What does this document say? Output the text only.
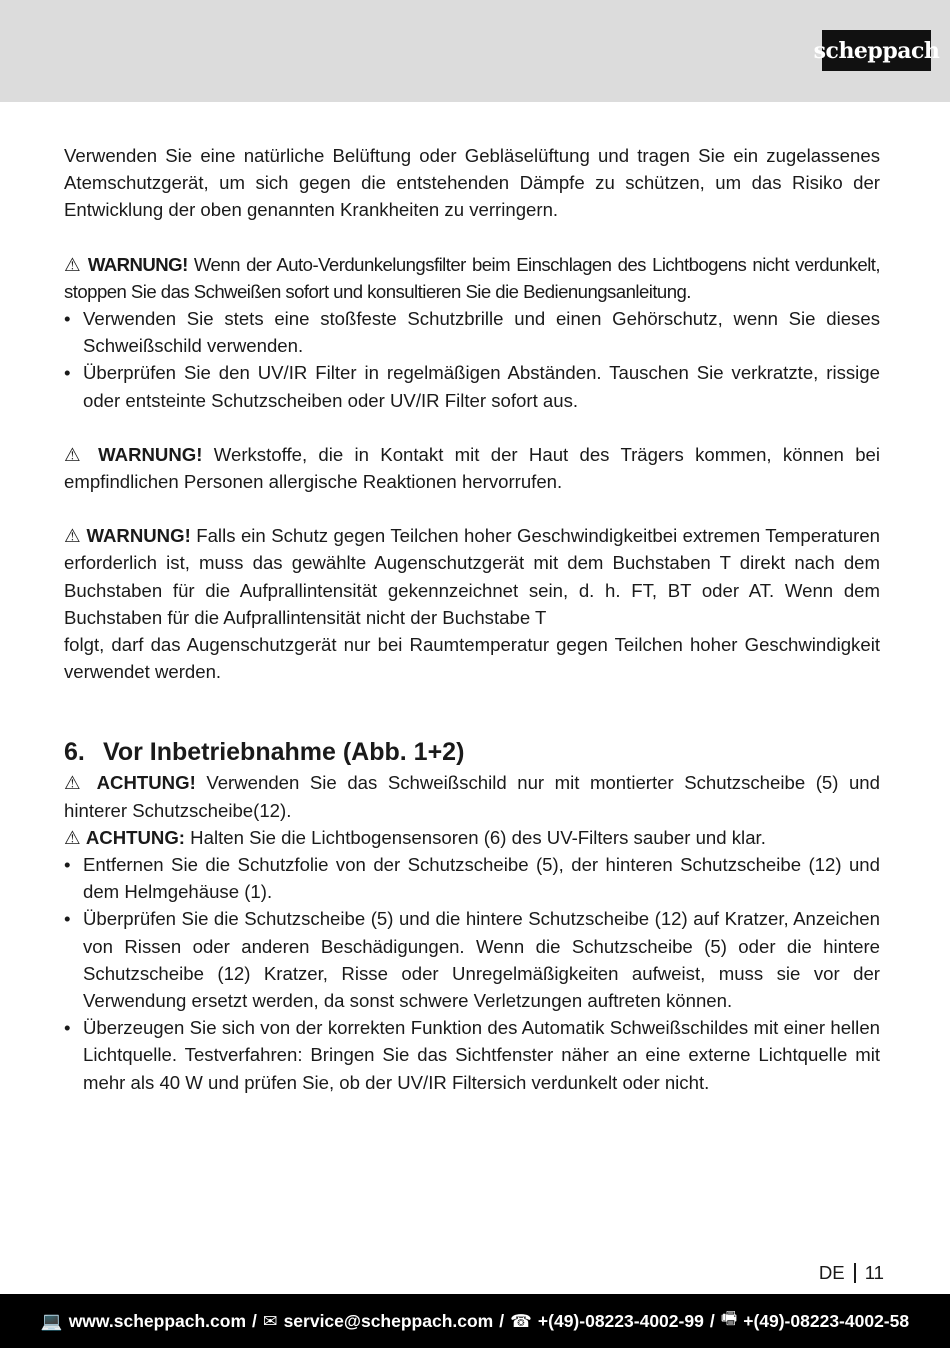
scheppach

Verwenden Sie eine natürliche Belüftung oder Gebläselüftung und tragen Sie ein zugelassenes Atemschutzgerät, um sich gegen die entstehenden Dämpfe zu schützen, um das Risiko der Entwicklung der oben genannten Krankheiten zu verringern.

⚠ WARNUNG! Wenn der Auto-Verdunkelungsfilter beim Einschlagen des Lichtbogens nicht verdunkelt, stoppen Sie das Schweißen sofort und konsultieren Sie die Bedienungsanleitung.

• Verwenden Sie stets eine stoßfeste Schutzbrille und einen Gehörschutz, wenn Sie dieses Schweißschild verwenden.
• Überprüfen Sie den UV/IR Filter in regelmäßigen Abständen. Tauschen Sie verkratzte, rissige oder entsteinte Schutzscheiben oder UV/IR Filter sofort aus.

⚠ WARNUNG! Werkstoffe, die in Kontakt mit der Haut des Trägers kommen, können bei empfindlichen Personen allergische Reaktionen hervorrufen.

⚠ WARNUNG! Falls ein Schutz gegen Teilchen hoher Geschwindigkeitbei extremen Temperaturen erforderlich ist, muss das gewählte Augenschutzgerät mit dem Buchstaben T direkt nach dem Buchstaben für die Aufprallintensität gekennzeichnet sein, d. h. FT, BT oder AT. Wenn dem Buchstaben für die Aufprallintensität nicht der Buchstabe T

folgt, darf das Augenschutzgerät nur bei Raumtemperatur gegen Teilchen hoher Geschwindigkeit verwendet werden.

6. Vor Inbetriebnahme (Abb. 1+2)

⚠ ACHTUNG! Verwenden Sie das Schweißschild nur mit montierter Schutzscheibe (5) und hinterer Schutzscheibe(12).

⚠ ACHTUNG: Halten Sie die Lichtbogensensoren (6) des UV-Filters sauber und klar.

• Entfernen Sie die Schutzfolie von der Schutzscheibe (5), der hinteren Schutzscheibe (12) und dem Helmgehäuse (1).
• Überprüfen Sie die Schutzscheibe (5) und die hintere Schutzscheibe (12) auf Kratzer, Anzeichen von Rissen oder anderen Beschädigungen. Wenn die Schutzscheibe (5) oder die hintere Schutzscheibe (12) Kratzer, Risse oder Unregelmäßigkeiten aufweist, muss sie vor der Verwendung ersetzt werden, da sonst schwere Verletzungen auftreten können.
• Überzeugen Sie sich von der korrekten Funktion des Automatik Schweißschildes mit einer hellen Lichtquelle. Testverfahren: Bringen Sie das Sichtfenster näher an eine externe Lichtquelle mit mehr als 40 W und prüfen Sie, ob der UV/IR Filtersich verdunkelt oder nicht.
DE 11
💻 www.scheppach.com / ✉ service@scheppach.com / ☎ +(49)-08223-4002-99 / 🖷 +(49)-08223-4002-58
